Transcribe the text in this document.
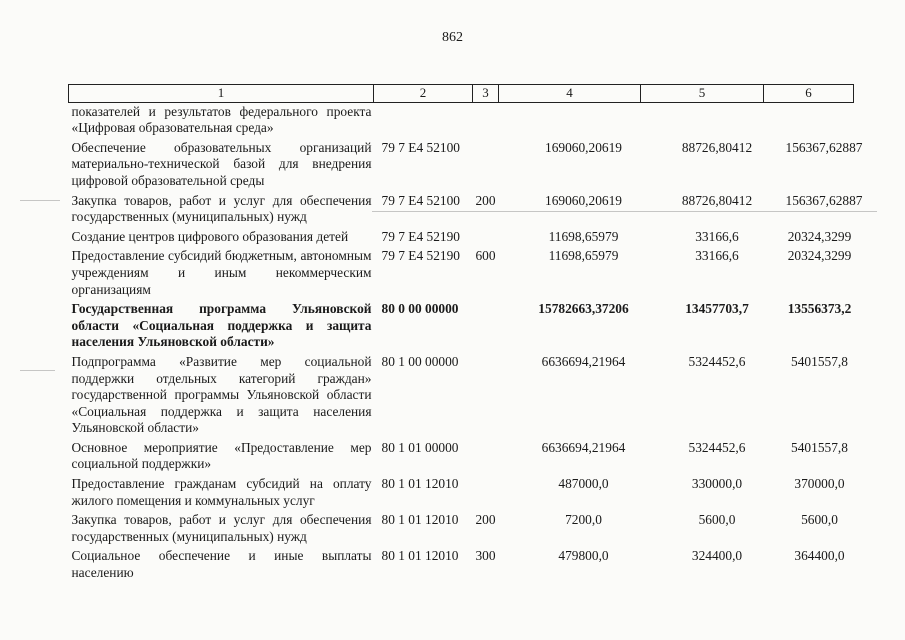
862
1	2	3	4	5	6
показателей и результатов федерального проекта «Цифровая образовательная среда»					
Обеспечение образовательных организаций материально-технической базой для внедрения цифровой образовательной среды	79 7 E4 52100		169060,20619	88726,80412	156367,62887
Закупка товаров, работ и услуг для обеспечения государственных (муниципальных) нужд	79 7 E4 52100	200	169060,20619	88726,80412	156367,62887
Создание центров цифрового образования детей	79 7 E4 52190		11698,65979	33166,6	20324,3299
Предоставление субсидий бюджетным, автономным учреждениям и иным некоммерческим организациям	79 7 E4 52190	600	11698,65979	33166,6	20324,3299
Государственная программа Ульяновской области «Социальная поддержка и защита населения Ульяновской области»	80 0 00 00000		15782663,37206	13457703,7	13556373,2
Подпрограмма «Развитие мер социальной поддержки отдельных категорий граждан» государственной программы Ульяновской области «Социальная поддержка и защита населения Ульяновской области»	80 1 00 00000		6636694,21964	5324452,6	5401557,8
Основное мероприятие «Предоставление мер социальной поддержки»	80 1 01 00000		6636694,21964	5324452,6	5401557,8
Предоставление гражданам субсидий на оплату жилого помещения и коммунальных услуг	80 1 01 12010		487000,0	330000,0	370000,0
Закупка товаров, работ и услуг для обеспечения государственных (муниципальных) нужд	80 1 01 12010	200	7200,0	5600,0	5600,0
Социальное обеспечение и иные выплаты населению	80 1 01 12010	300	479800,0	324400,0	364400,0
